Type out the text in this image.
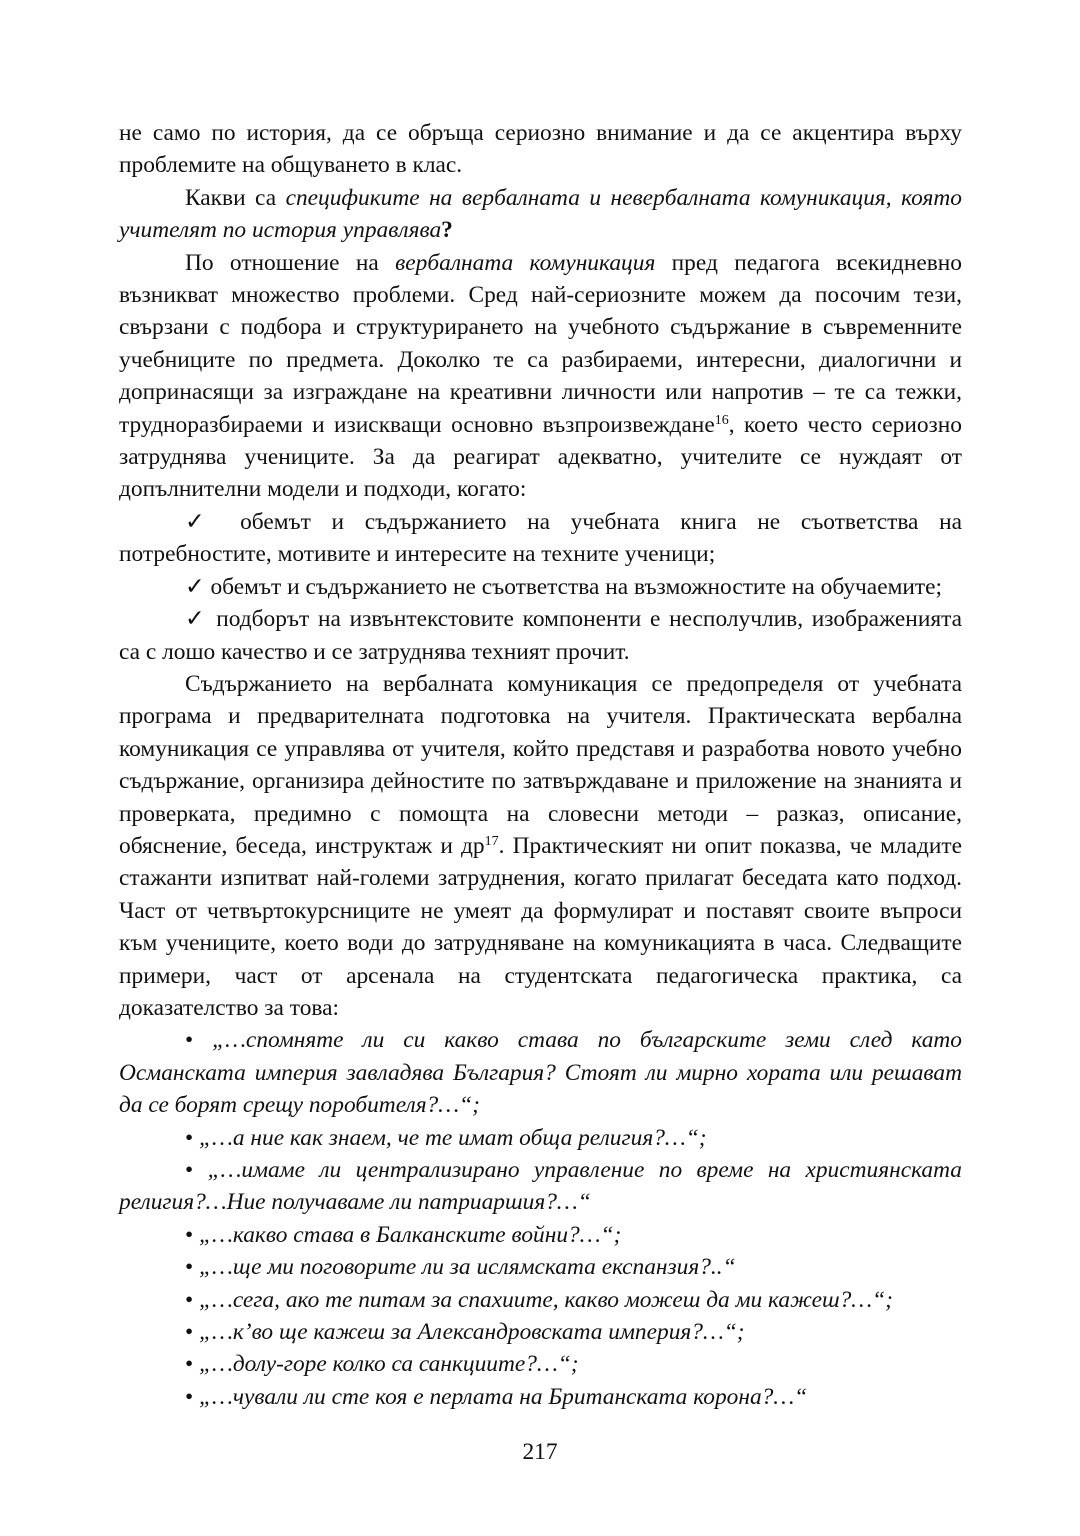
не само по история, да се обръща сериозно внимание и да се акцентира върху проблемите на общуването в клас.

Какви са спецификите на вербалната и невербалната комуникация, която учителят по история управлява?

По отношение на вербалната комуникация пред педагога всекидневно възникват множество проблеми. Сред най-сериозните можем да посочим тези, свързани с подбора и структурирането на учебното съдържание в съвременните учебниците по предмета. Доколко те са разбираеми, интересни, диалогични и допринасящи за изграждане на креативни личности или напротив – те са тежки, трудноразбираеми и изискващи основно възпроизвеждане$^{16}$, което често сериозно затруднява учениците. За да реагират адекватно, учителите се нуждаят от допълнителни модели и подходи, когато:

✓ обемът и съдържанието на учебната книга не съответства на потребностите, мотивите и интересите на техните ученици;

✓ обемът и съдържанието не съответства на възможностите на обучаемите;

✓ подборът на извънтекстовите компоненти е несполучлив, изображенията са с лошо качество и се затруднява техният прочит.

Съдържанието на вербалната комуникация се предопределя от учебната програма и предварителната подготовка на учителя. Практическата вербална комуникация се управлява от учителя, който представя и разработва новото учебно съдържание, организира дейностите по затвърждаване и приложение на знанията и проверката, предимно с помощта на словесни методи – разказ, описание, обяснение, беседа, инструктаж и др$^{17}$. Практическият ни опит показва, че младите стажанти изпитват най-големи затруднения, когато прилагат беседата като подход. Част от четвъртокурсниците не умеят да формулират и поставят своите въпроси към учениците, което води до затрудняване на комуникацията в часа. Следващите примери, част от арсенала на студентската педагогическа практика, са доказателство за това:

• „…спомняте ли си какво става по българските земи след като Османската империя завладява България? Стоят ли мирно хората или решават да се борят срещу поробителя?…“;

• „…а ние как знаем, че те имат обща религия?…“;

• „…имаме ли централизирано управление по време на християнската религия?…Ние получаваме ли патриаршия?…“

• „…какво става в Балканските войни?…“;

• „…ще ми поговорите ли за ислямската експанзия?..“

• „…сега, ако те питам за спахиите, какво можеш да ми кажеш?…“;

• „…к’во ще кажеш за Александровската империя?…“;

• „…долу-горе колко са санкциите?…“;

• „…чували ли сте коя е перлата на Британската корона?…“

217
